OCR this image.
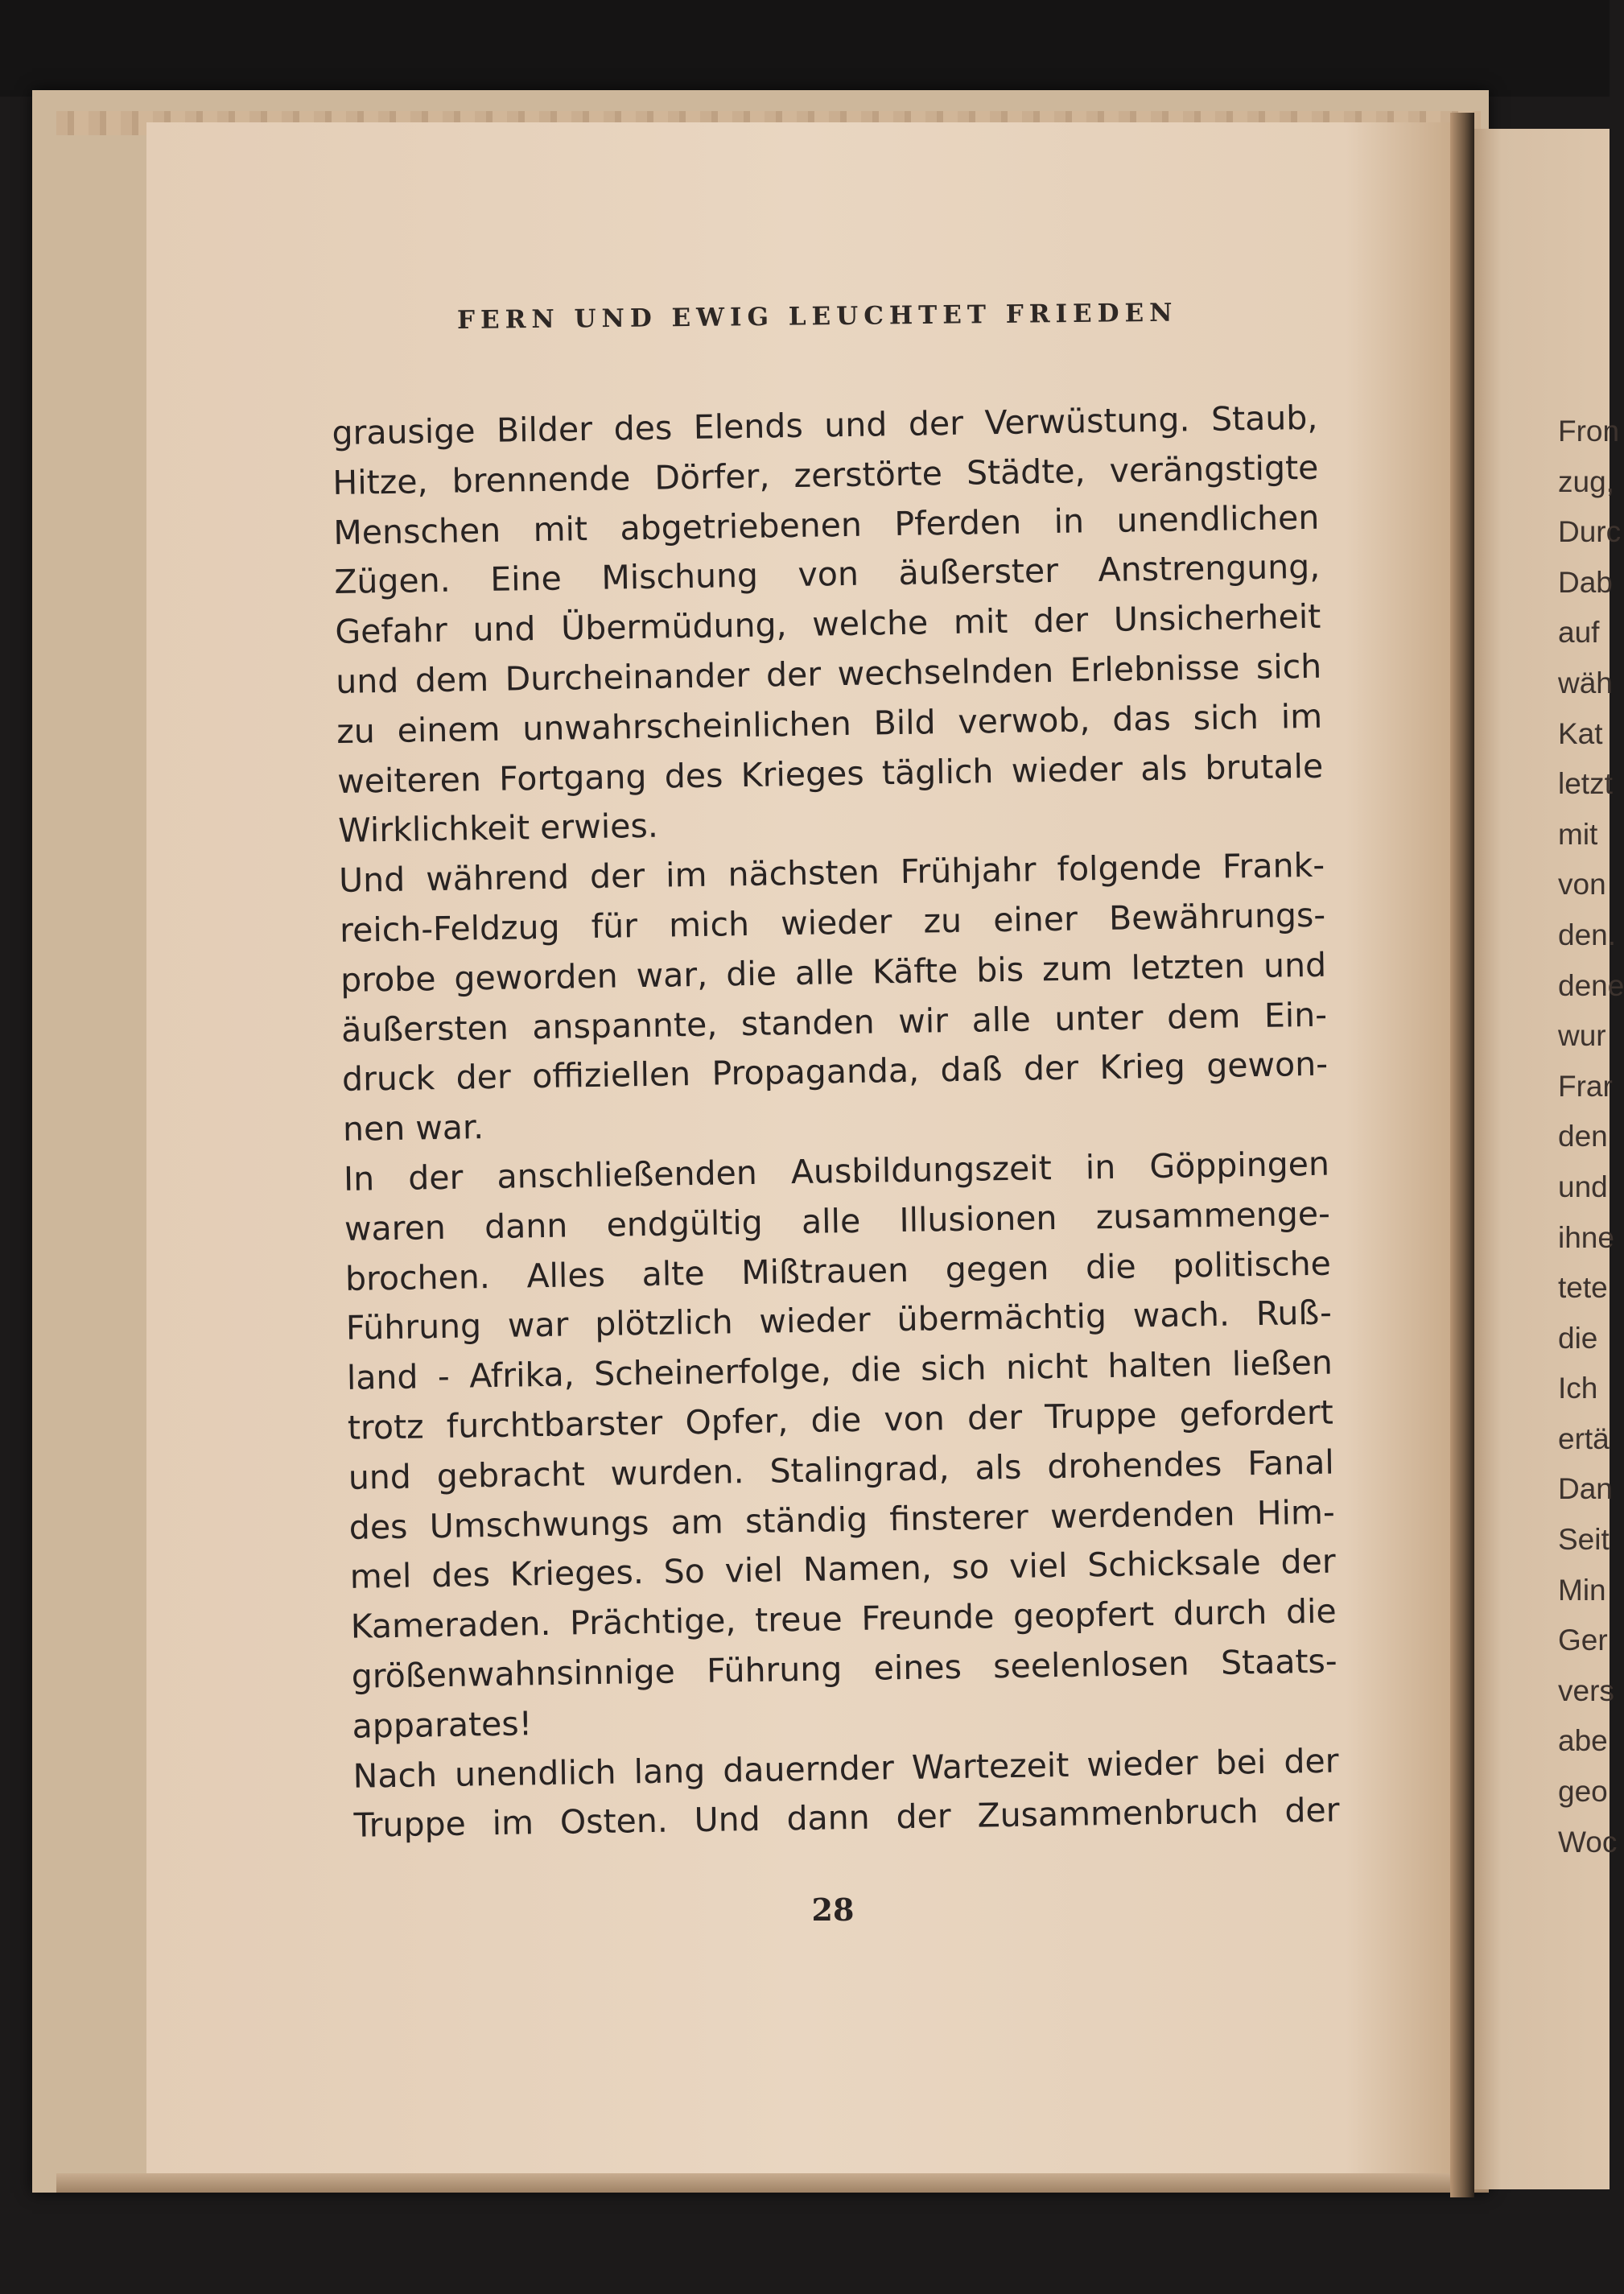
Fron
zug,
Durc
Dab
auf
wäh
Kat
letzt
mit
von
den.
dene
wur
Frar
den
und
ihne
tete
die
Ich
ertä
Dan
Seit
Min
Ger
vers
abe
geo
Woc
FERN UND EWIG LEUCHTET FRIEDEN
grausige Bilder des Elends und der Verwüstung. Staub,
Hitze, brennende Dörfer, zerstörte Städte, verängstigte
Menschen mit abgetriebenen Pferden in unendlichen
Zügen. Eine Mischung von äußerster Anstrengung,
Gefahr und Übermüdung, welche mit der Unsicherheit
und dem Durcheinander der wechselnden Erlebnisse sich
zu einem unwahrscheinlichen Bild verwob, das sich im
weiteren Fortgang des Krieges täglich wieder als brutale
Wirklichkeit erwies.
Und während der im nächsten Frühjahr folgende Frank-
reich-Feldzug für mich wieder zu einer Bewährungs-
probe geworden war, die alle Käfte bis zum letzten und
äußersten anspannte, standen wir alle unter dem Ein-
druck der offiziellen Propaganda, daß der Krieg gewon-
nen war.
In der anschließenden Ausbildungszeit in Göppingen
waren dann endgültig alle Illusionen zusammenge-
brochen. Alles alte Mißtrauen gegen die politische
Führung war plötzlich wieder übermächtig wach. Ruß-
land - Afrika, Scheinerfolge, die sich nicht halten ließen
trotz furchtbarster Opfer, die von der Truppe gefordert
und gebracht wurden. Stalingrad, als drohendes Fanal
des Umschwungs am ständig finsterer werdenden Him-
mel des Krieges. So viel Namen, so viel Schicksale der
Kameraden. Prächtige, treue Freunde geopfert durch die
größenwahnsinnige Führung eines seelenlosen Staats-
apparates!
Nach unendlich lang dauernder Wartezeit wieder bei der
Truppe im Osten. Und dann der Zusammenbruch der
28
